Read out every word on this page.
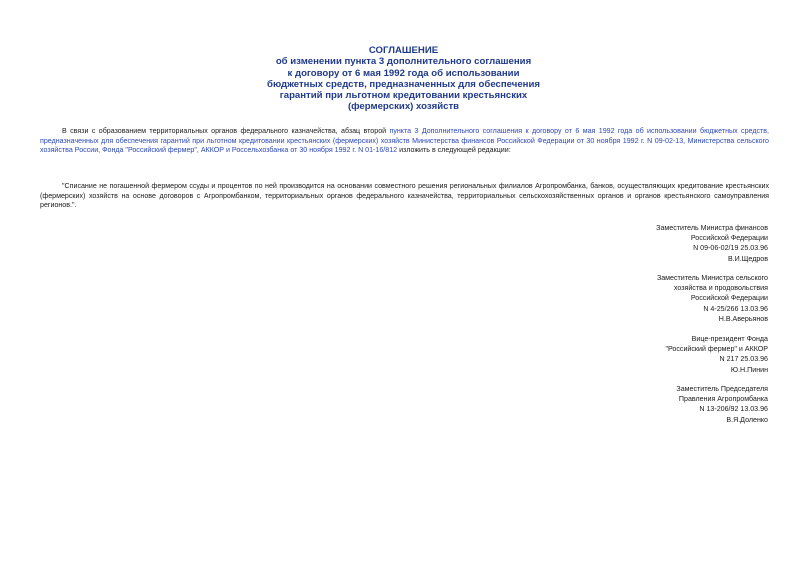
СОГЛАШЕНИЕ
об изменении пункта 3 дополнительного соглашения
к договору от 6 мая 1992 года об использовании
бюджетных средств, предназначенных для обеспечения
гарантий при льготном кредитовании крестьянских
(фермерских) хозяйств
В связи с образованием территориальных органов федерального казначейства, абзац второй пункта 3 Дополнительного соглашения к договору от 6 мая 1992 года об использовании бюджетных средств, предназначенных для обеспечения гарантий при льготном кредитовании крестьянских (фермерских) хозяйств Министерства финансов Российской Федерации от 30 ноября 1992 г. N 09-02-13, Министерства сельского хозяйства России, Фонда "Российский фермер", АККОР и Россельхозбанка от 30 ноября 1992 г. N 01-16/812 изложить в следующей редакции:
"Списание не погашенной фермером ссуды и процентов по ней производится на основании совместного решения региональных филиалов Агропромбанка, банков, осуществляющих кредитование крестьянских (фермерских) хозяйств на основе договоров с Агропромбанком, территориальных органов федерального казначейства, территориальных сельскохозяйственных органов и органов крестьянского самоуправления регионов.".
Заместитель Министра финансов
Российской Федерации
N 09-06-02/19 25.03.96
В.И.Щедров
Заместитель Министра сельского
хозяйства и продовольствия
Российской Федерации
N 4-25/266 13.03.96
Н.В.Аверьянов
Вице-президент Фонда
"Российский фермер" и АККОР
N 217 25.03.96
Ю.Н.Пинин
Заместитель Председателя
Правления Агропромбанка
N 13-206/92 13.03.96
В.Я.Доленко
